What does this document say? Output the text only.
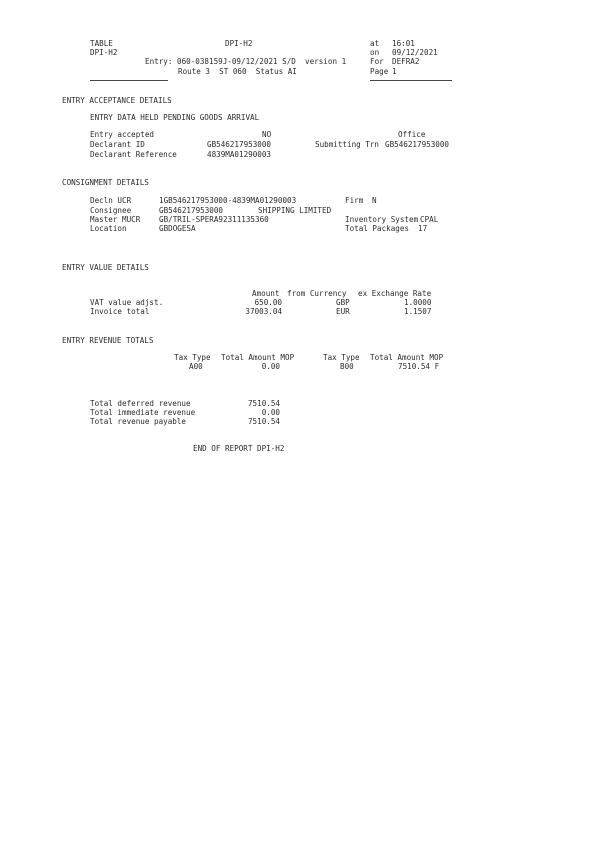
TABLE	DPI-H2
DPI-H2
Entry: 060-038159J-09/12/2021 S/D  version 1
Route 3  ST 060  Status AI
at 16:01
on 09/12/2021
For DEFRA2
Page 1
ENTRY ACCEPTANCE DETAILS
ENTRY DATA HELD PENDING GOODS ARRIVAL
Entry accepted	NO	Office
Declarant ID	GB546217953000	Submitting Trn GB546217953000
Declarant Reference	4839MA01290003
CONSIGNMENT DETAILS
Decln UCR	1GB546217953000-4839MA01290003	Firm N
Consignee	GB546217953000	SHIPPING LIMITED
Master MUCR GB/TRIL-SPERA92311135360	Inventory System CPAL
Location	GBDOGESA	Total Packages 17
ENTRY VALUE DETAILS
Amount from Currency ex Exchange Rate
VAT value adjst.	650.00	GBP	1.0000
Invoice total	37003.04	EUR	1.1507
ENTRY REVENUE TOTALS
Tax Type Total Amount MOP	Tax Type Total Amount MOP
A00	0.00	B00	7510.54 F
Total deferred revenue	7510.54
Total immediate revenue	0.00
Total revenue payable	7510.54
END OF REPORT DPI-H2
